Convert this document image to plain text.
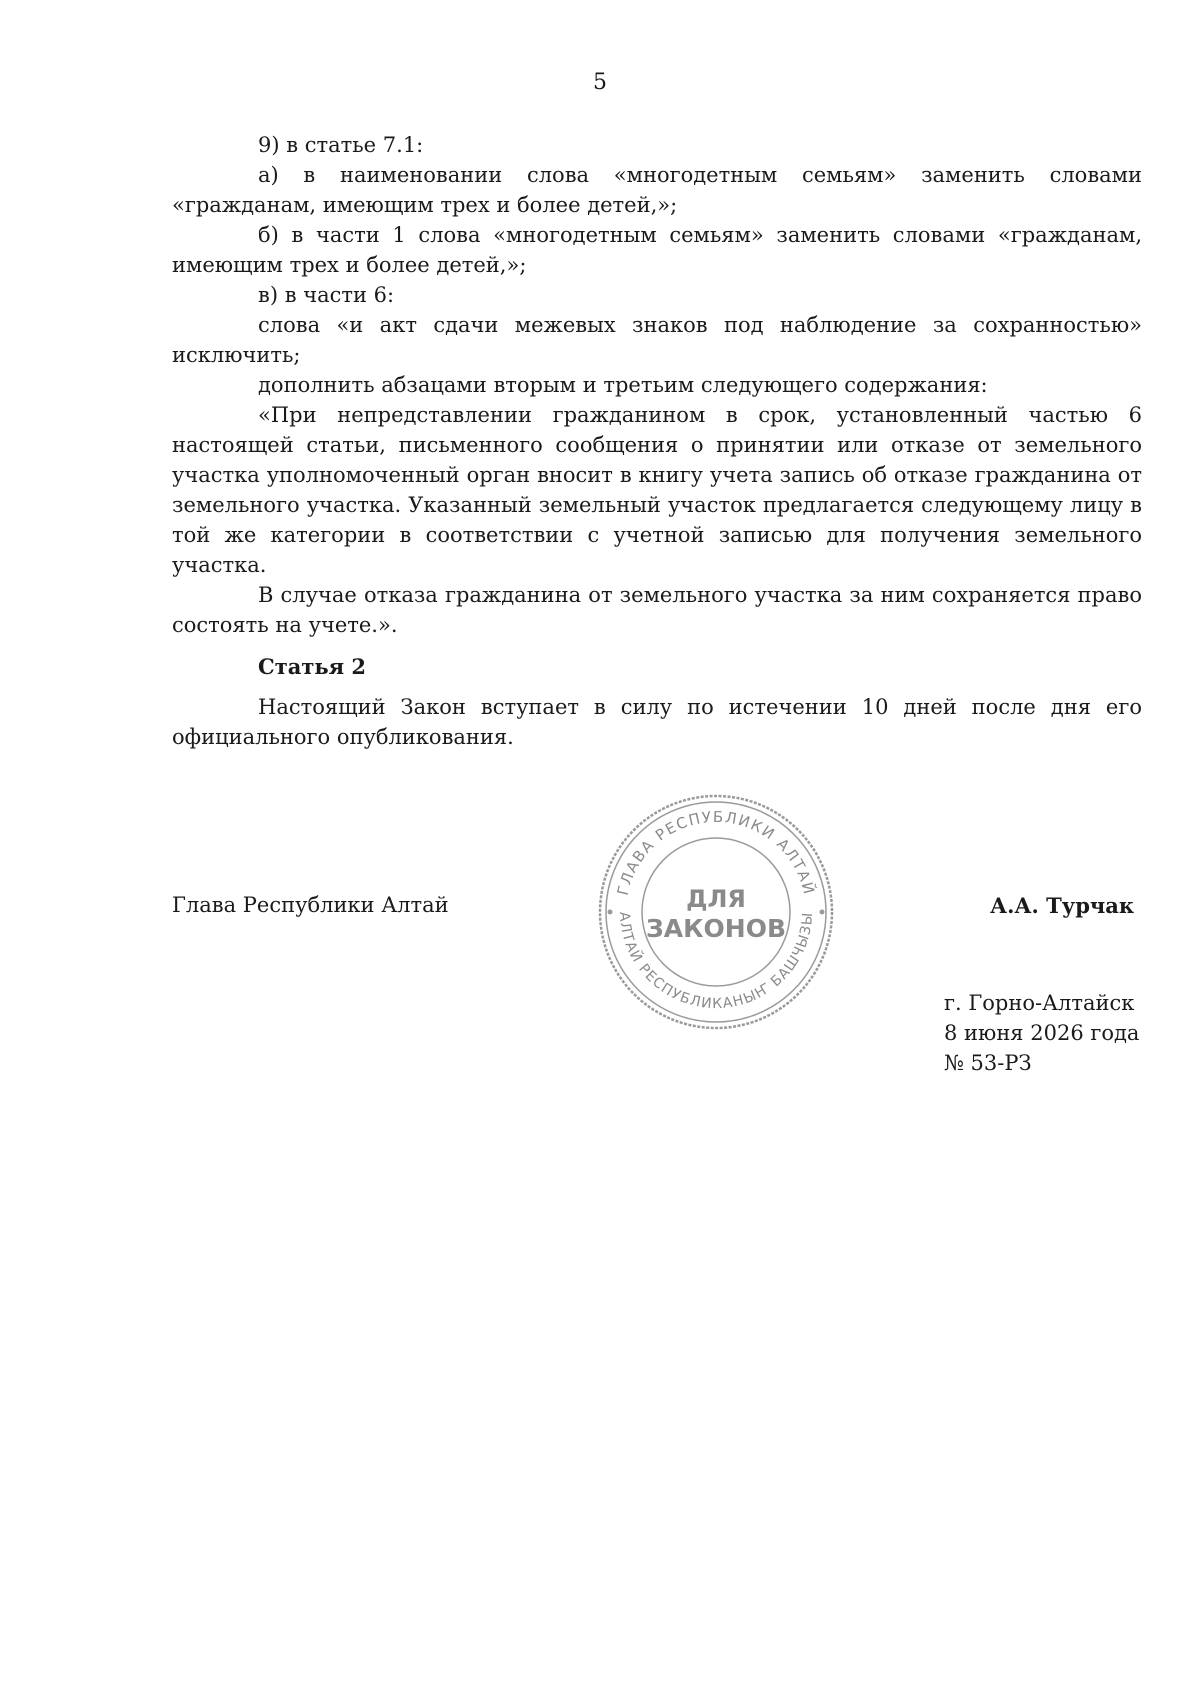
5

9) в статье 7.1:

а) в наименовании слова «многодетным семьям» заменить словами «гражданам, имеющим трех и более детей,»;

б) в части 1 слова «многодетным семьям» заменить словами «гражданам, имеющим трех и более детей,»;

в) в части 6:

слова «и акт сдачи межевых знаков под наблюдение за сохранностью» исключить;

дополнить абзацами вторым и третьим следующего содержания:

«При непредставлении гражданином в срок, установленный частью 6 настоящей статьи, письменного сообщения о принятии или отказе от земельного участка уполномоченный орган вносит в книгу учета запись об отказе гражданина от земельного участка. Указанный земельный участок предлагается следующему лицу в той же категории в соответствии с учетной записью для получения земельного участка.

В случае отказа гражданина от земельного участка за ним сохраняется право состоять на учете.».

Статья 2

Настоящий Закон вступает в силу по истечении 10 дней после дня его официального опубликования.

Глава Республики Алтай	А.А. Турчак
ГЛАВА РЕСПУБЛИКИ АЛТАЙ
АЛТАЙ РЕСПУБЛИКАНЫҤ БАШЧЫЗЫ
ДЛЯ
ЗАКОНОВ
г. Горно-Алтайск
8 июня 2026 года
№ 53-РЗ
